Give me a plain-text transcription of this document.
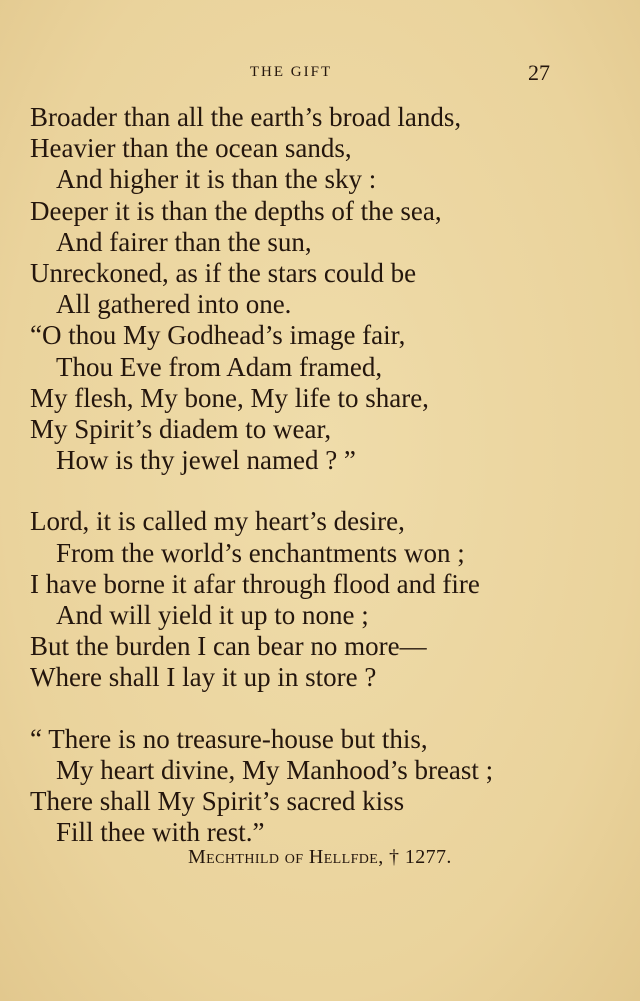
THE GIFT	27
Broader than all the earth’s broad lands,
Heavier than the ocean sands,
And higher it is than the sky :
Deeper it is than the depths of the sea,
And fairer than the sun,
Unreckoned, as if the stars could be
All gathered into one.
“O thou My Godhead’s image fair,
Thou Eve from Adam framed,
My flesh, My bone, My life to share,
My Spirit’s diadem to wear,
How is thy jewel named ? ”
Lord, it is called my heart’s desire,
From the world’s enchantments won ;
I have borne it afar through flood and fire
And will yield it up to none ;
But the burden I can bear no more—
Where shall I lay it up in store ?
“ There is no treasure-house but this,
My heart divine, My Manhood’s breast ;
There shall My Spirit’s sacred kiss
Fill thee with rest.”
Mechthild of Hellfde, † 1277.
